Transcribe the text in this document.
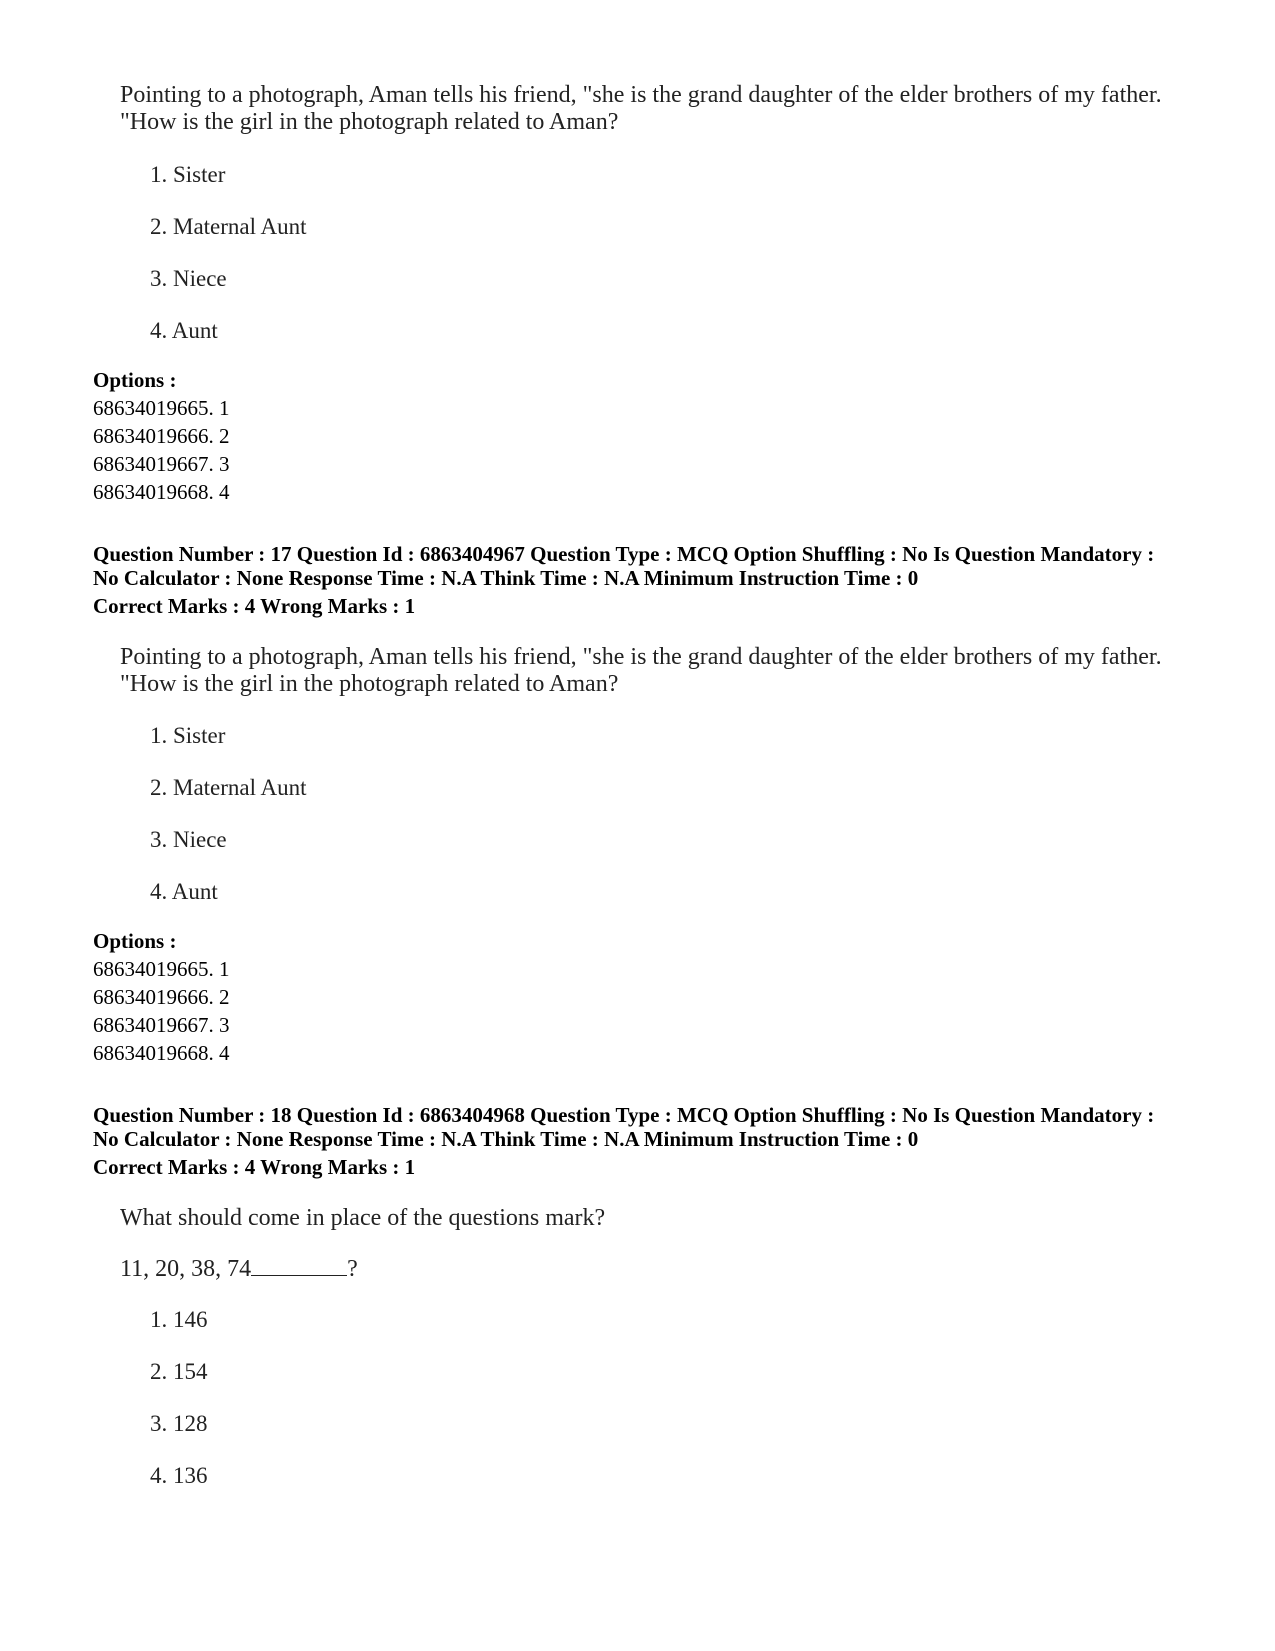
Pointing to a photograph, Aman tells his friend, "she is the grand daughter of the elder brothers of my father.
"How is the girl in the photograph related to Aman?
1. Sister
2. Maternal Aunt
3. Niece
4. Aunt
Options :
68634019665. 1
68634019666. 2
68634019667. 3
68634019668. 4
Question Number : 17 Question Id : 6863404967 Question Type : MCQ Option Shuffling : No Is Question Mandatory :
No Calculator : None Response Time : N.A Think Time : N.A Minimum Instruction Time : 0
Correct Marks : 4 Wrong Marks : 1
Pointing to a photograph, Aman tells his friend, "she is the grand daughter of the elder brothers of my father.
"How is the girl in the photograph related to Aman?
1. Sister
2. Maternal Aunt
3. Niece
4. Aunt
Options :
68634019665. 1
68634019666. 2
68634019667. 3
68634019668. 4
Question Number : 18 Question Id : 6863404968 Question Type : MCQ Option Shuffling : No Is Question Mandatory :
No Calculator : None Response Time : N.A Think Time : N.A Minimum Instruction Time : 0
Correct Marks : 4 Wrong Marks : 1
What should come in place of the questions mark?
11, 20, 38, 74	?
1. 146
2. 154
3. 128
4. 136
